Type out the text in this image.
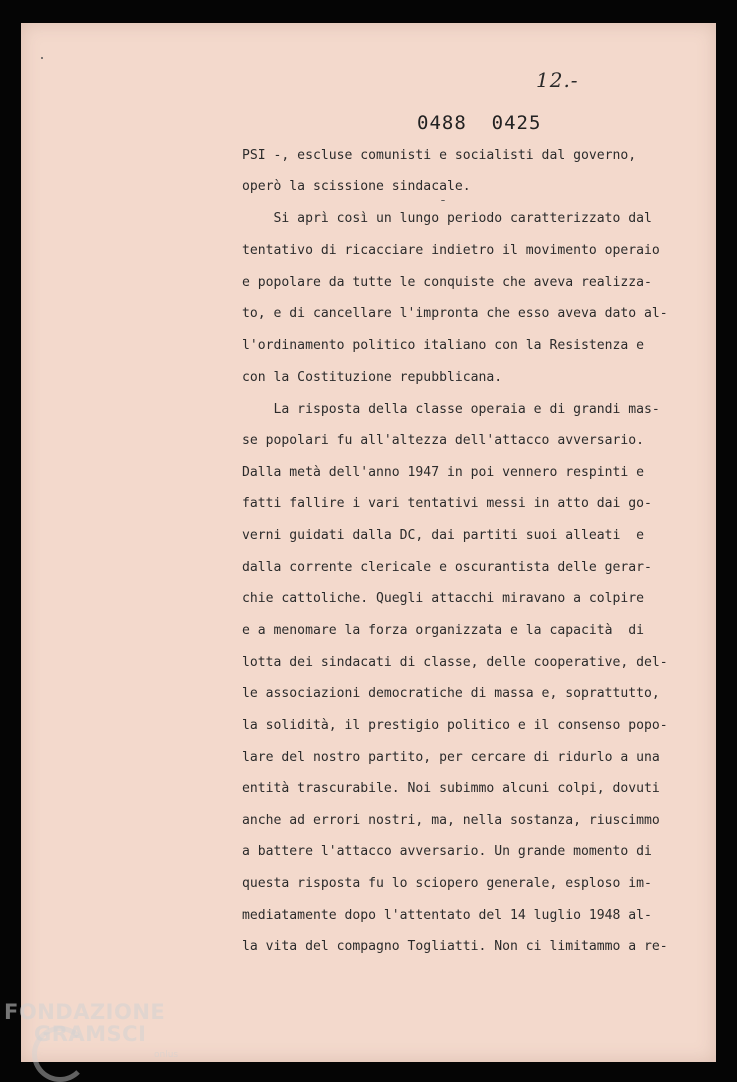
12.-
0488  0425
PSI -, escluse comunisti e socialisti dal governo,
operò la scissione sindacale.
Si aprì così un lungo periodo caratterizzato dal
tentativo di ricacciare indietro il movimento operaio
e popolare da tutte le conquiste che aveva realizza-
to, e di cancellare l'impronta che esso aveva dato al-
l'ordinamento politico italiano con la Resistenza e
con la Costituzione repubblicana.
La risposta della classe operaia e di grandi mas-
se popolari fu all'altezza dell'attacco avversario.
Dalla metà dell'anno 1947 in poi vennero respinti e
fatti fallire i vari tentativi messi in atto dai go-
verni guidati dalla DC, dai partiti suoi alleati  e
dalla corrente clericale e oscurantista delle gerar-
chie cattoliche. Quegli attacchi miravano a colpire
e a menomare la forza organizzata e la capacità  di
lotta dei sindacati di classe, delle cooperative, del-
le associazioni democratiche di massa e, soprattutto,
la solidità, il prestigio politico e il consenso popo-
lare del nostro partito, per cercare di ridurlo a una
entità trascurabile. Noi subimmo alcuni colpi, dovuti
anche ad errori nostri, ma, nella sostanza, riuscimmo
a battere l'attacco avversario. Un grande momento di
questa risposta fu lo sciopero generale, esploso im-
mediatamente dopo l'attentato del 14 luglio 1948 al-
la vita del compagno Togliatti. Non ci limitammo a re-
FONDAZIONE
GRAMSCI
onlus
